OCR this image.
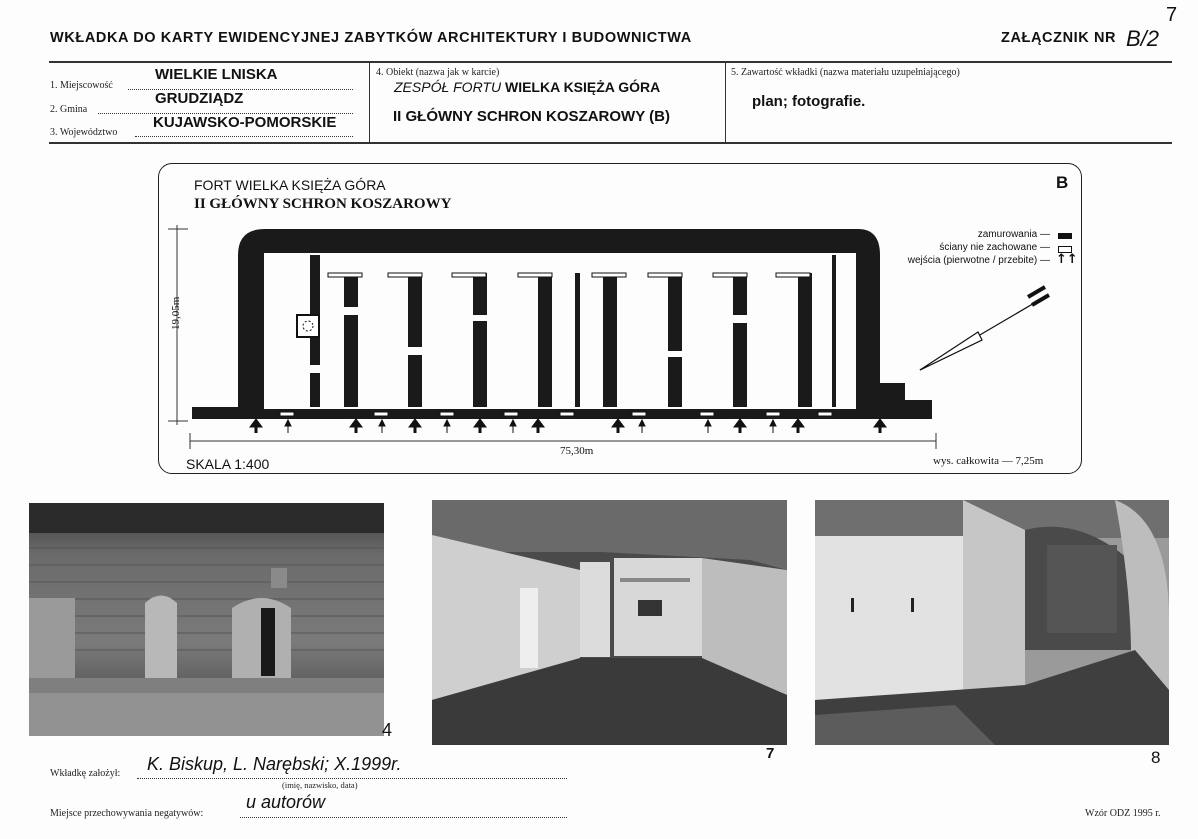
7
WKŁADKA DO KARTY EWIDENCYJNEJ ZABYTKÓW ARCHITEKTURY I BUDOWNICTWA	ZAŁĄCZNIK NR B/2
1. Miejscowość
WIELKIE LNISKA
2. Gmina
GRUDZIĄDZ
3. Województwo
KUJAWSKO-POMORSKIE
4. Obiekt (nazwa jak w karcie)
ZESPÓŁ FORTU WIELKA KSIĘŻA GÓRA
II GŁÓWNY SCHRON KOSZAROWY (B)
5. Zawartość wkładki (nazwa materiału uzupełniającego)
plan; fotografie.
FORT WIELKA KSIĘŻA GÓRA
II GŁÓWNY SCHRON KOSZAROWY
B
zamurowania —
ściany nie zachowane —
wejścia (pierwotne / przebite) — ↑↑
19,05m
75,30m
SKALA 1:400	wys. całkowita — 7,25m
4
7	8
Wkładkę założył: K. Biskup, L. Narębski; X.1999r.
(imię, nazwisko, data)
Miejsce przechowywania negatywów:
u autorów
Wzór ODZ 1995 r.
